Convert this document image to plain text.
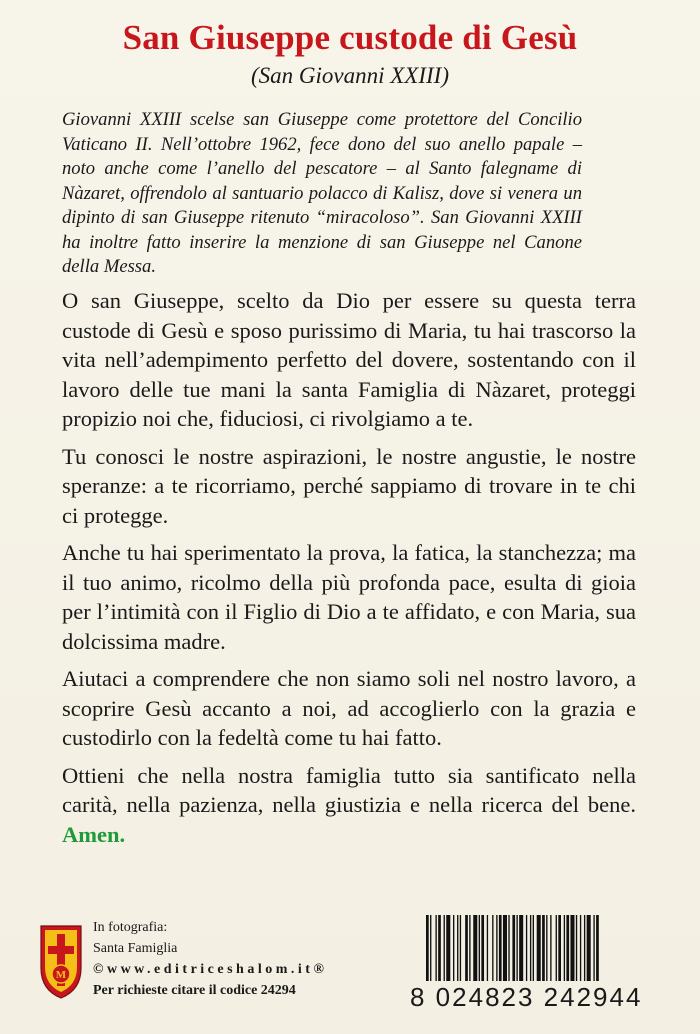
San Giuseppe custode di Gesù
(San Giovanni XXIII)
Giovanni XXIII scelse san Giuseppe come protettore del Concilio Vaticano II. Nell’ottobre 1962, fece dono del suo anello papale – noto anche come l’anello del pescatore – al Santo falegname di Nàzaret, offrendolo al santuario polacco di Kalisz, dove si venera un dipinto di san Giuseppe ritenuto “miracoloso”. San Giovanni XXIII ha inoltre fatto inserire la menzione di san Giuseppe nel Canone della Messa.

O san Giuseppe, scelto da Dio per essere su questa terra custode di Gesù e sposo purissimo di Maria, tu hai trascorso la vita nell’adempimento perfetto del dovere, sostentando con il lavoro delle tue mani la santa Famiglia di Nàzaret, proteggi propizio noi che, fiduciosi, ci rivolgiamo a te.

Tu conosci le nostre aspirazioni, le nostre angustie, le nostre speranze: a te ricorriamo, perché sappiamo di trovare in te chi ci protegge.

Anche tu hai sperimentato la prova, la fatica, la stanchezza; ma il tuo animo, ricolmo della più profonda pace, esulta di gioia per l’intimità con il Figlio di Dio a te affidato, e con Maria, sua dolcissima madre.

Aiutaci a comprendere che non siamo soli nel nostro lavoro, a scoprire Gesù accanto a noi, ad accoglierlo con la grazia e custodirlo con la fedeltà come tu hai fatto.

Ottieni che nella nostra famiglia tutto sia santificato nella carità, nella pazienza, nella giustizia e nella ricerca del bene. Amen.

M
In fotografia:
Santa Famiglia
©www.editriceshalom.it®
Per richieste citare il codice 24294	8 024823 242944
